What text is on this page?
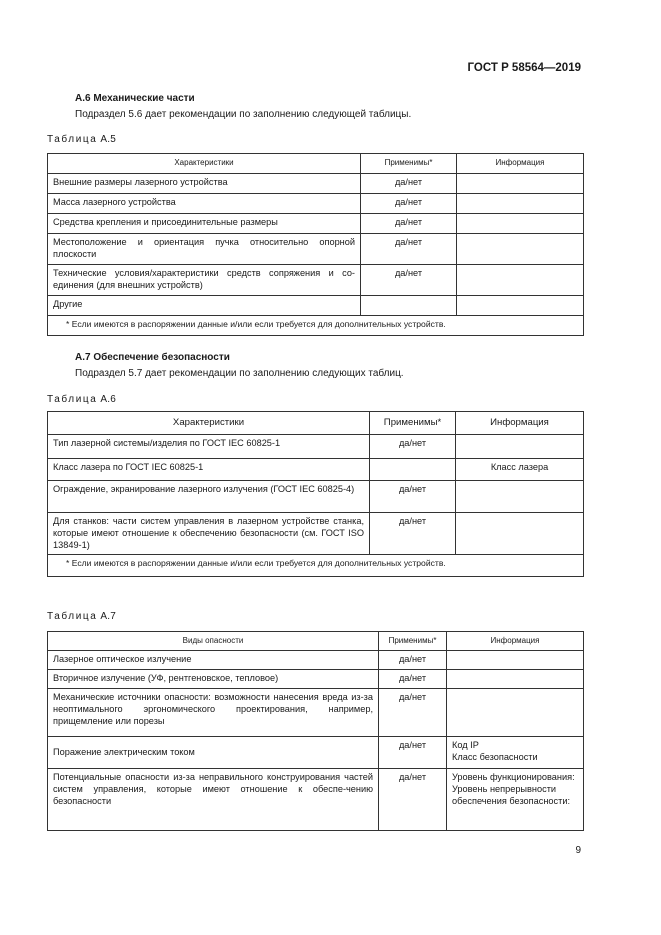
ГОСТ Р 58564—2019
А.6 Механические части
Подраздел 5.6 дает рекомендации по заполнению следующей таблицы.
Таблица А.5
Характеристики	Применимы*	Информация
Внешние размеры лазерного устройства	да/нет	
Масса лазерного устройства	да/нет	
Средства крепления и присоединительные размеры	да/нет	
Местоположение и ориентация пучка относительно опорной плоскости	да/нет	
Технические условия/характеристики средств сопряжения и со-единения (для внешних устройств)	да/нет	
Другие		
* Если имеются в распоряжении данные и/или если требуется для дополнительных устройств.		
А.7 Обеспечение безопасности
Подраздел 5.7 дает рекомендации по заполнению следующих таблиц.
Таблица А.6
Характеристики	Применимы*	Информация
Тип лазерной системы/изделия по ГОСТ IEC 60825-1	да/нет	
Класс лазера по ГОСТ IEC 60825-1		Класс лазера
Ограждение, экранирование лазерного излучения (ГОСТ IEC 60825-4)	да/нет	
Для станков: части систем управления в лазерном устройстве станка, которые имеют отношение к обеспечению безопасности (см. ГОСТ ISO 13849-1)	да/нет	
* Если имеются в распоряжении данные и/или если требуется для дополнительных устройств.		
Таблица А.7
Виды опасности	Применимы*	Информация
Лазерное оптическое излучение	да/нет	
Вторичное излучение (УФ, рентгеновское, тепловое)	да/нет	
Механические источники опасности: возможности нанесения вреда из-за неоптимального эргономического проектирования, например, прищемление или порезы	да/нет	
Поражение электрическим током	да/нет	Код IP
Класс безопасности
Потенциальные опасности из-за неправильного конструирования частей систем управления, которые имеют отношение к обеспе-чению безопасности	да/нет	Уровень функционирования:
Уровень непрерывности обеспечения безопасности:
9
